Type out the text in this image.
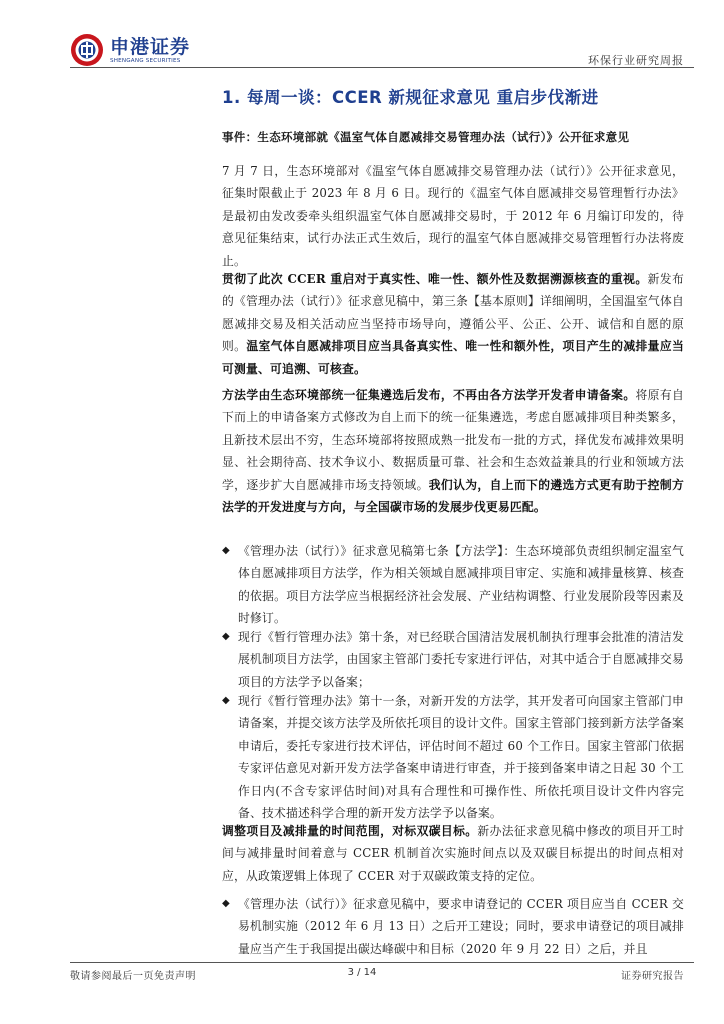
申港证券
SHENGANG SECURITIES	环保行业研究周报
1. 每周一谈：CCER 新规征求意见 重启步伐渐进
事件：生态环境部就《温室气体自愿减排交易管理办法（试行）》公开征求意见
7 月 7 日，生态环境部对《温室气体自愿减排交易管理办法（试行）》公开征求意见，征集时限截止于 2023 年 8 月 6 日。现行的《温室气体自愿减排交易管理暂行办法》是最初由发改委牵头组织温室气体自愿减排交易时，于 2012 年 6 月编订印发的，待意见征集结束，试行办法正式生效后，现行的温室气体自愿减排交易管理暂行办法将废止。
贯彻了此次 CCER 重启对于真实性、唯一性、额外性及数据溯源核查的重视。新发布的《管理办法（试行）》征求意见稿中，第三条【基本原则】详细阐明，全国温室气体自愿减排交易及相关活动应当坚持市场导向，遵循公平、公正、公开、诚信和自愿的原则。温室气体自愿减排项目应当具备真实性、唯一性和额外性，项目产生的减排量应当可测量、可追溯、可核查。
方法学由生态环境部统一征集遴选后发布，不再由各方法学开发者申请备案。将原有自下而上的申请备案方式修改为自上而下的统一征集遴选，考虑自愿减排项目种类繁多，且新技术层出不穷，生态环境部将按照成熟一批发布一批的方式，择优发布减排效果明显、社会期待高、技术争议小、数据质量可靠、社会和生态效益兼具的行业和领域方法学，逐步扩大自愿减排市场支持领域。我们认为，自上而下的遴选方式更有助于控制方法学的开发进度与方向，与全国碳市场的发展步伐更易匹配。
◆ 《管理办法（试行）》征求意见稿第七条【方法学】：生态环境部负责组织制定温室气体自愿减排项目方法学，作为相关领域自愿减排项目审定、实施和减排量核算、核查的依据。项目方法学应当根据经济社会发展、产业结构调整、行业发展阶段等因素及时修订。
◆ 现行《暂行管理办法》第十条，对已经联合国清洁发展机制执行理事会批准的清洁发展机制项目方法学，由国家主管部门委托专家进行评估，对其中适合于自愿减排交易项目的方法学予以备案；
◆ 现行《暂行管理办法》第十一条，对新开发的方法学，其开发者可向国家主管部门申请备案，并提交该方法学及所依托项目的设计文件。国家主管部门接到新方法学备案申请后，委托专家进行技术评估，评估时间不超过 60 个工作日。国家主管部门依据专家评估意见对新开发方法学备案申请进行审查，并于接到备案申请之日起 30 个工作日内(不含专家评估时间)对具有合理性和可操作性、所依托项目设计文件内容完备、技术描述科学合理的新开发方法学予以备案。
调整项目及减排量的时间范围，对标双碳目标。新办法征求意见稿中修改的项目开工时间与减排量时间着意与 CCER 机制首次实施时间点以及双碳目标提出的时间点相对应，从政策逻辑上体现了 CCER 对于双碳政策支持的定位。
◆ 《管理办法（试行）》征求意见稿中，要求申请登记的 CCER 项目应当自 CCER 交易机制实施（2012 年 6 月 13 日）之后开工建设；同时，要求申请登记的项目减排量应当产生于我国提出碳达峰碳中和目标（2020 年 9 月 22 日）之后，并且
敬请参阅最后一页免责声明	3 / 14	证券研究报告
